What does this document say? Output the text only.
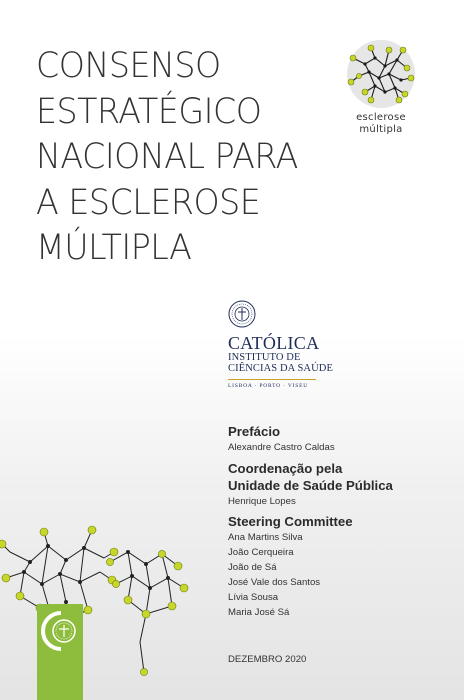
CONSENSO
ESTRATÉGICO
NACIONAL PARA
A ESCLEROSE
MÚLTIPLA
esclerose
múltipla
CATÓLICA
INSTITUTO DE
CIÊNCIAS DA SAÚDE
LISBOA · PORTO · VISEU
Prefácio
Alexandre Castro Caldas
Coordenação pela
Unidade de Saúde Pública
Henrique Lopes
Steering Committee
Ana Martins Silva
João Cerqueira
João de Sá
José Vale dos Santos
Lívia Sousa
Maria José Sá
DEZEMBRO 2020
